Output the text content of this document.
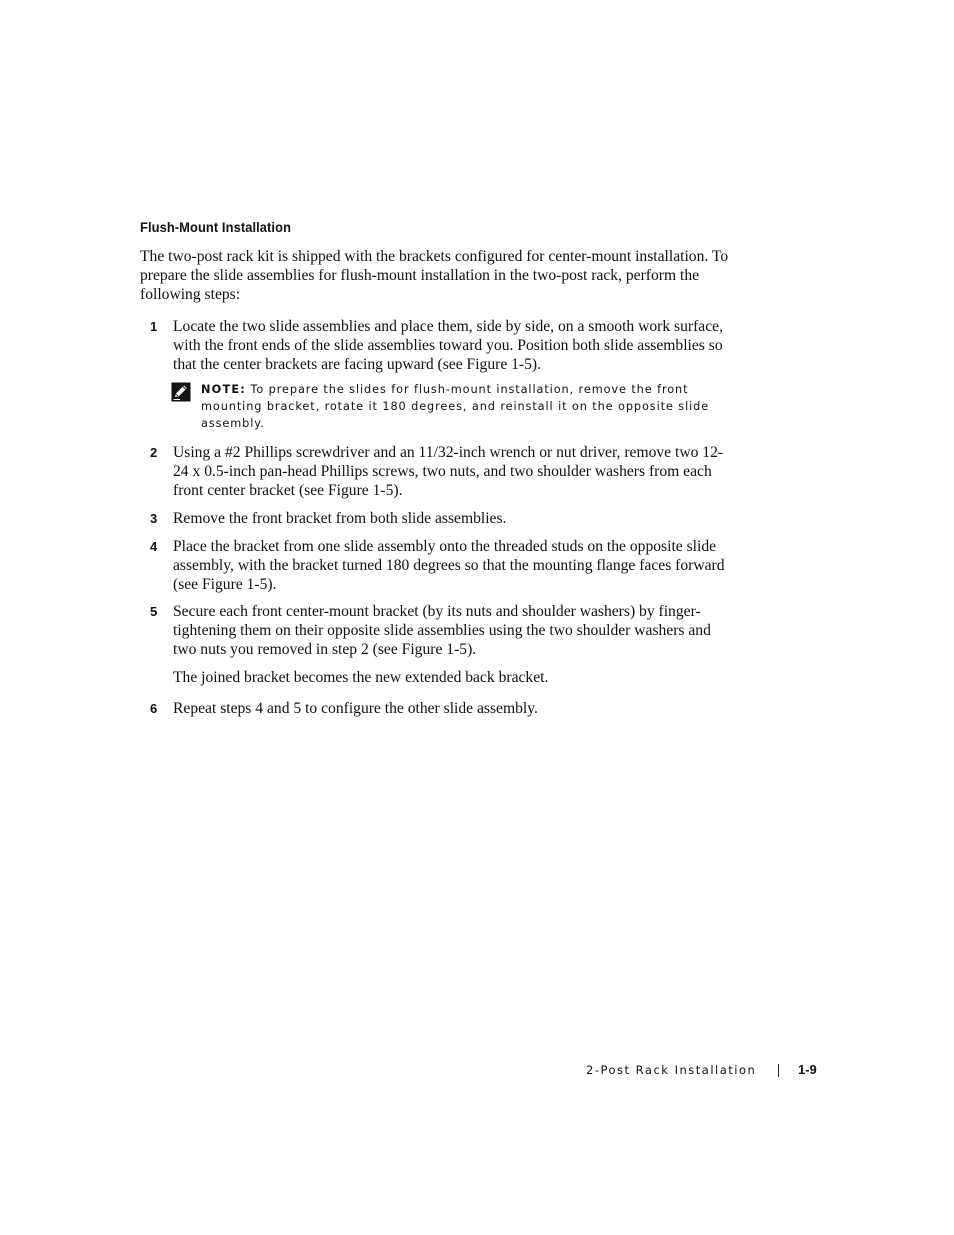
Flush-Mount Installation

The two-post rack kit is shipped with the brackets configured for center-mount installation. To prepare the slide assemblies for flush-mount installation in the two-post rack, perform the following steps:

1 Locate the two slide assemblies and place them, side by side, on a smooth work surface, with the front ends of the slide assemblies toward you. Position both slide assemblies so that the center brackets are facing upward (see Figure 1-5).

NOTE: To prepare the slides for flush-mount installation, remove the front mounting bracket, rotate it 180 degrees, and reinstall it on the opposite slide assembly.

2 Using a #2 Phillips screwdriver and an 11/32-inch wrench or nut driver, remove two 12-24 x 0.5-inch pan-head Phillips screws, two nuts, and two shoulder washers from each front center bracket (see Figure 1-5).

3 Remove the front bracket from both slide assemblies.

4 Place the bracket from one slide assembly onto the threaded studs on the opposite slide assembly, with the bracket turned 180 degrees so that the mounting flange faces forward (see Figure 1-5).

5 Secure each front center-mount bracket (by its nuts and shoulder washers) by finger-tightening them on their opposite slide assemblies using the two shoulder washers and two nuts you removed in step 2 (see Figure 1-5).

The joined bracket becomes the new extended back bracket.

6 Repeat steps 4 and 5 to configure the other slide assembly.

2-Post Rack Installation	1-9
